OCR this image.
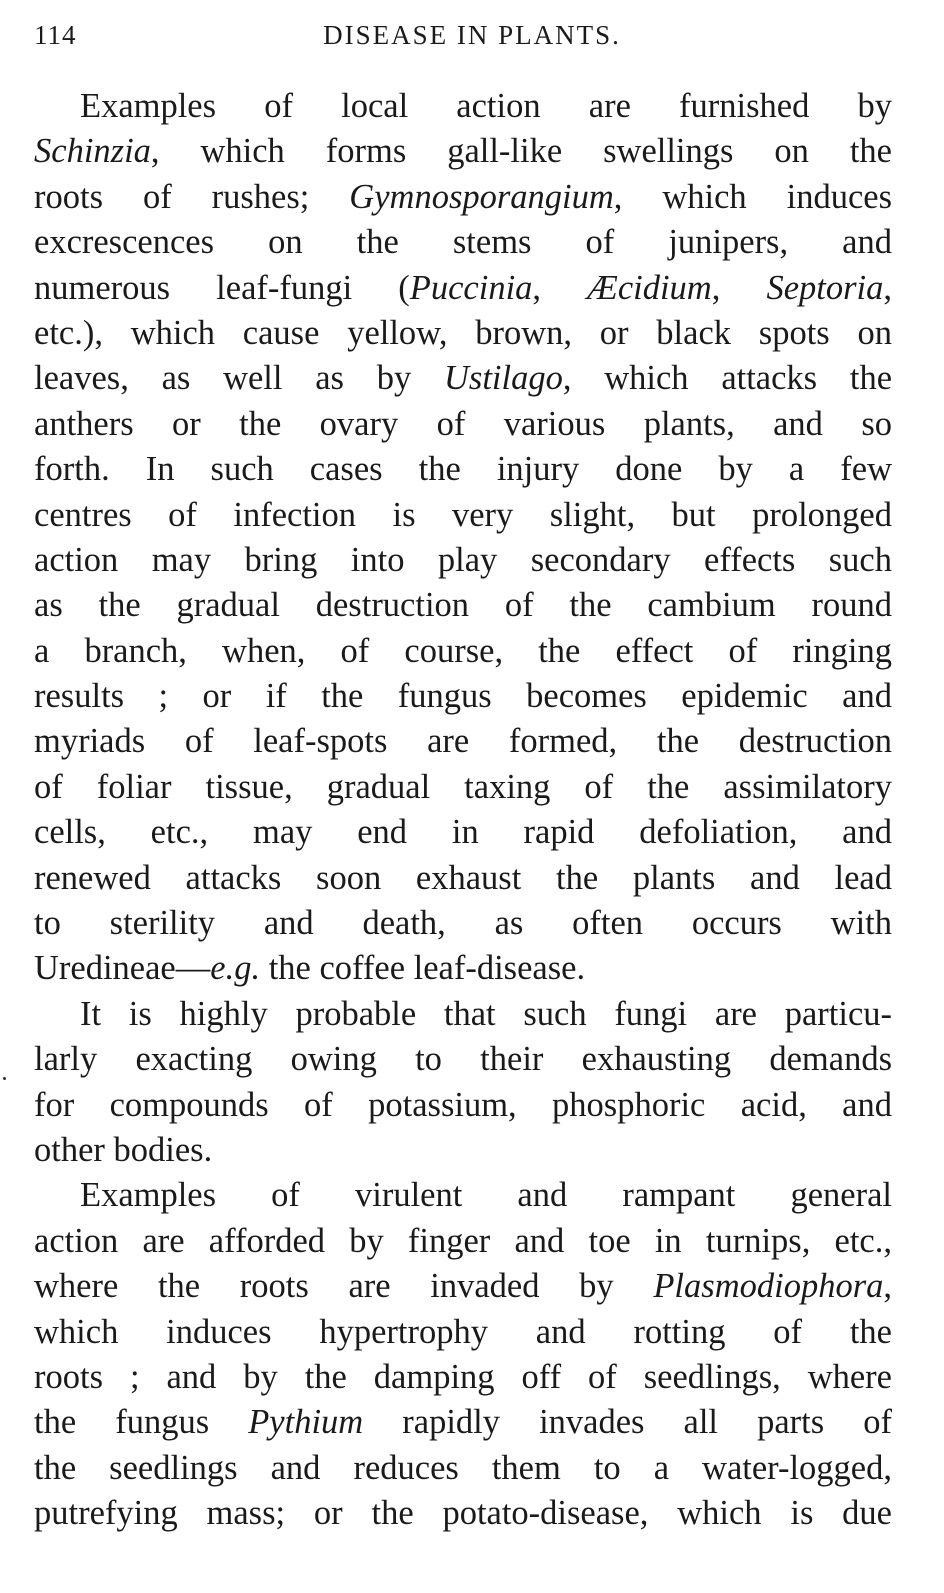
114	DISEASE IN PLANTS.
Examples of local action are furnished by
Schinzia, which forms gall-like swellings on the
roots of rushes; Gymnosporangium, which induces
excrescences on the stems of junipers, and
numerous leaf-fungi (Puccinia, Æcidium, Septoria,
etc.), which cause yellow, brown, or black spots on
leaves, as well as by Ustilago, which attacks the
anthers or the ovary of various plants, and so
forth. In such cases the injury done by a few
centres of infection is very slight, but prolonged
action may bring into play secondary effects such
as the gradual destruction of the cambium round
a branch, when, of course, the effect of ringing
results ; or if the fungus becomes epidemic and
myriads of leaf-spots are formed, the destruction
of foliar tissue, gradual taxing of the assimilatory
cells, etc., may end in rapid defoliation, and
renewed attacks soon exhaust the plants and lead
to sterility and death, as often occurs with
Uredineae—e.g. the coffee leaf-disease.
It is highly probable that such fungi are particu-
larly exacting owing to their exhausting demands
for compounds of potassium, phosphoric acid, and
other bodies.
Examples of virulent and rampant general
action are afforded by finger and toe in turnips, etc.,
where the roots are invaded by Plasmodiophora,
which induces hypertrophy and rotting of the
roots ; and by the damping off of seedlings, where
the fungus Pythium rapidly invades all parts of
the seedlings and reduces them to a water-logged,
putrefying mass; or the potato-disease, which is due
